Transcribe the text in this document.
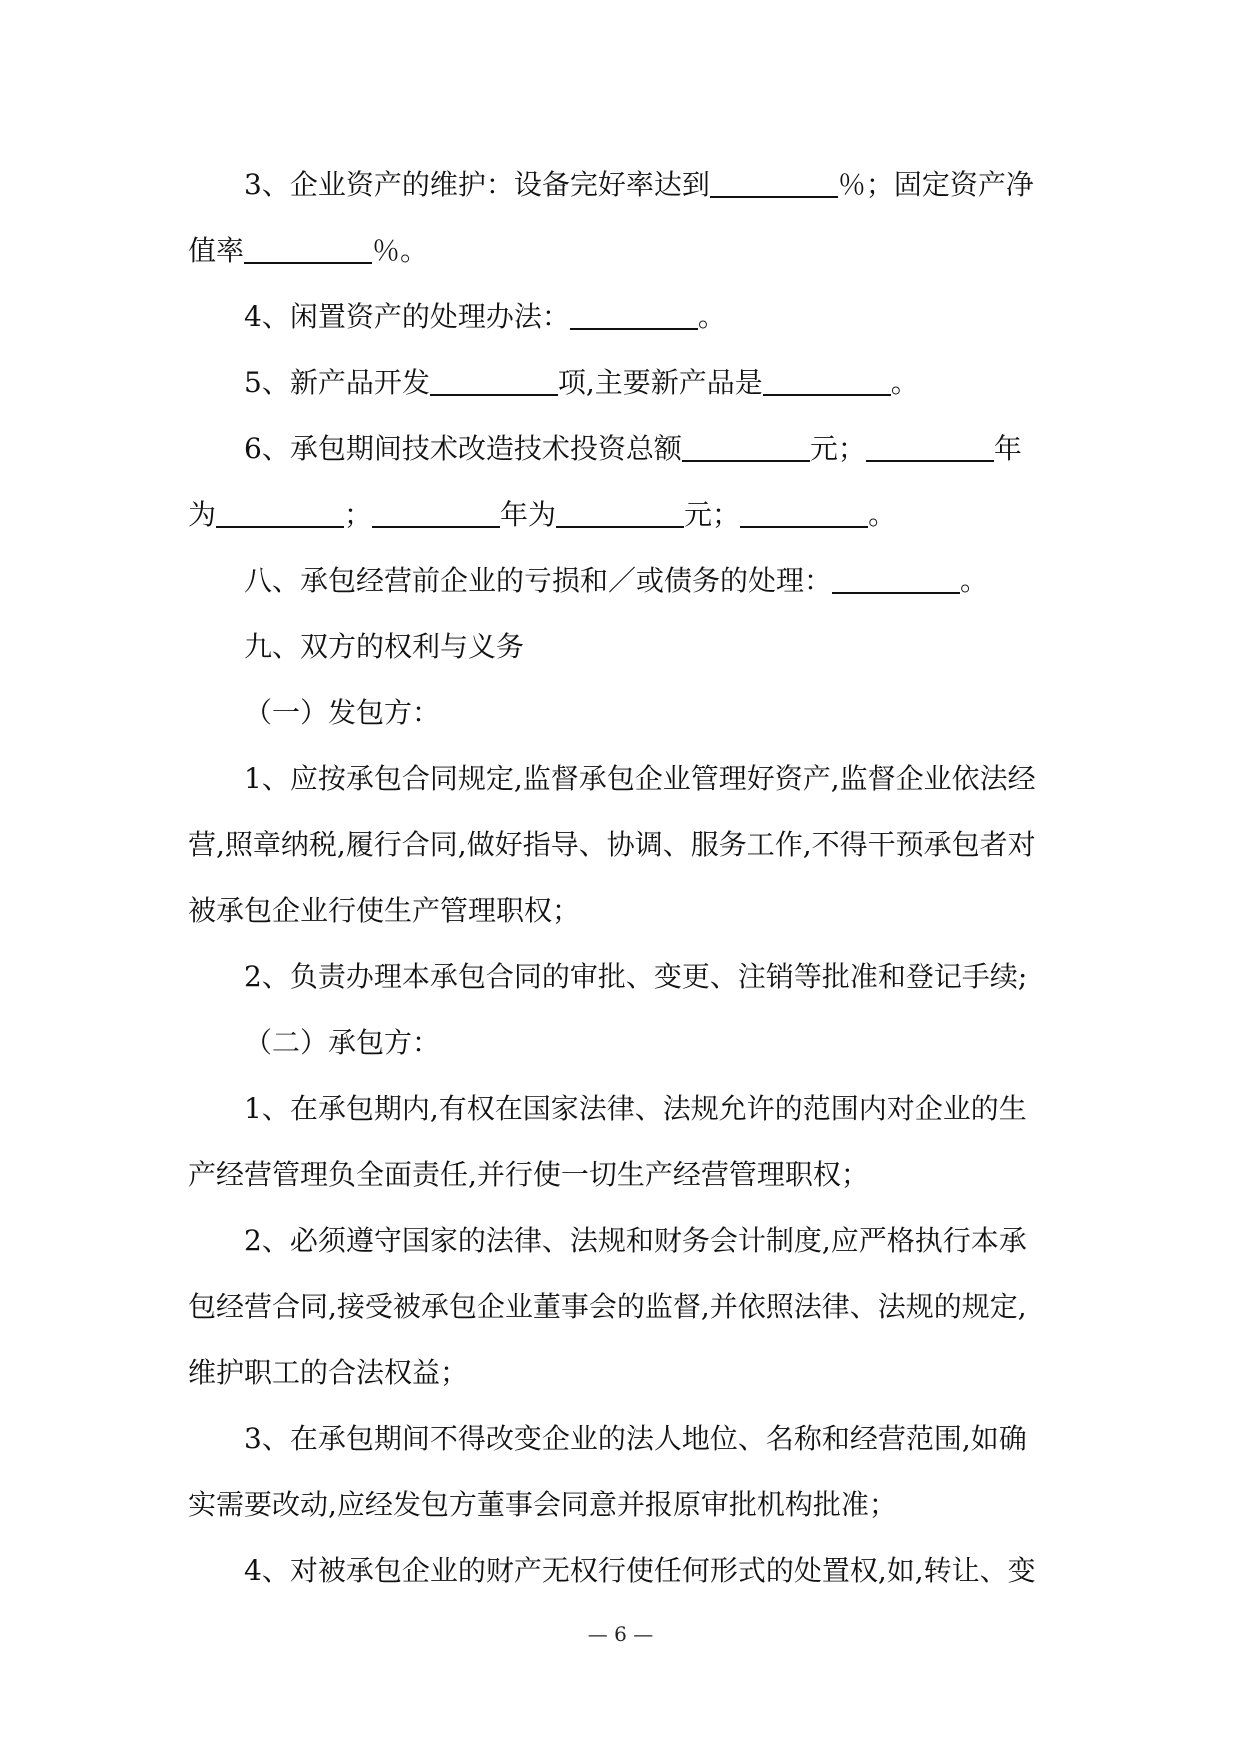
3、企业资产的维护：设备完好率达到	％；固定资产净
值率	％。
4、闲置资产的处理办法：	。
5、新产品开发	项,主要新产品是	。
6、承包期间技术改造技术投资总额	元；	年
为	；	年为	元；	。
八、承包经营前企业的亏损和／或债务的处理：	。
九、双方的权利与义务
（一）发包方：
1、应按承包合同规定,监督承包企业管理好资产,监督企业依法经
营,照章纳税,履行合同,做好指导、协调、服务工作,不得干预承包者对
被承包企业行使生产管理职权；
2、负责办理本承包合同的审批、变更、注销等批准和登记手续;
（二）承包方：
1、在承包期内,有权在国家法律、法规允许的范围内对企业的生
产经营管理负全面责任,并行使一切生产经营管理职权；
2、必须遵守国家的法律、法规和财务会计制度,应严格执行本承
包经营合同,接受被承包企业董事会的监督,并依照法律、法规的规定,
维护职工的合法权益；
3、在承包期间不得改变企业的法人地位、名称和经营范围,如确
实需要改动,应经发包方董事会同意并报原审批机构批准；
4、对被承包企业的财产无权行使任何形式的处置权,如,转让、变
— 6 —
